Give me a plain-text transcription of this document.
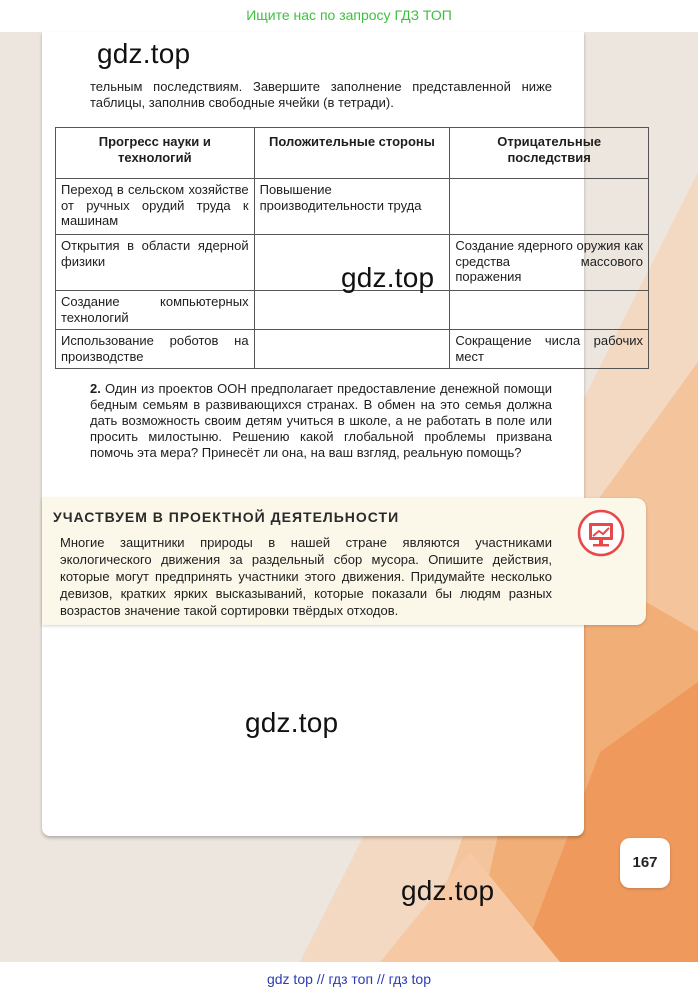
Ищите нас по запросу ГДЗ ТОП
gdz.top
тельным последствиям. Завершите заполнение представленной ниже таблицы, заполнив свободные ячейки (в тетради).
Прогресс науки и технологий	Положительные стороны	Отрицательные последствия
Переход в сельском хозяйстве от ручных орудий труда к машинам	Повышение производительности труда	
Открытия в области ядерной физики		Создание ядерного оружия как средства массового поражения
Создание компьютерных технологий		
Использование роботов на производстве		Сокращение числа рабочих мест
gdz.top
2. Один из проектов ООН предполагает предоставление денежной помощи бедным семьям в развивающихся странах. В обмен на это семья должна дать возможность своим детям учиться в школе, а не работать в поле или просить милостыню. Решению какой глобальной проблемы призвана помочь эта мера? Принесёт ли она, на ваш взгляд, реальную помощь?
УЧАСТВУЕМ В ПРОЕКТНОЙ ДЕЯТЕЛЬНОСТИ
Многие защитники природы в нашей стране являются участниками экологического движения за раздельный сбор мусора. Опишите действия, которые могут предпринять участники этого движения. Придумайте несколько девизов, кратких ярких высказываний, которые показали бы людям разных возрастов значение такой сортировки твёрдых отходов.
gdz.top
167
gdz.top
gdz top // гдз топ // гдз top
